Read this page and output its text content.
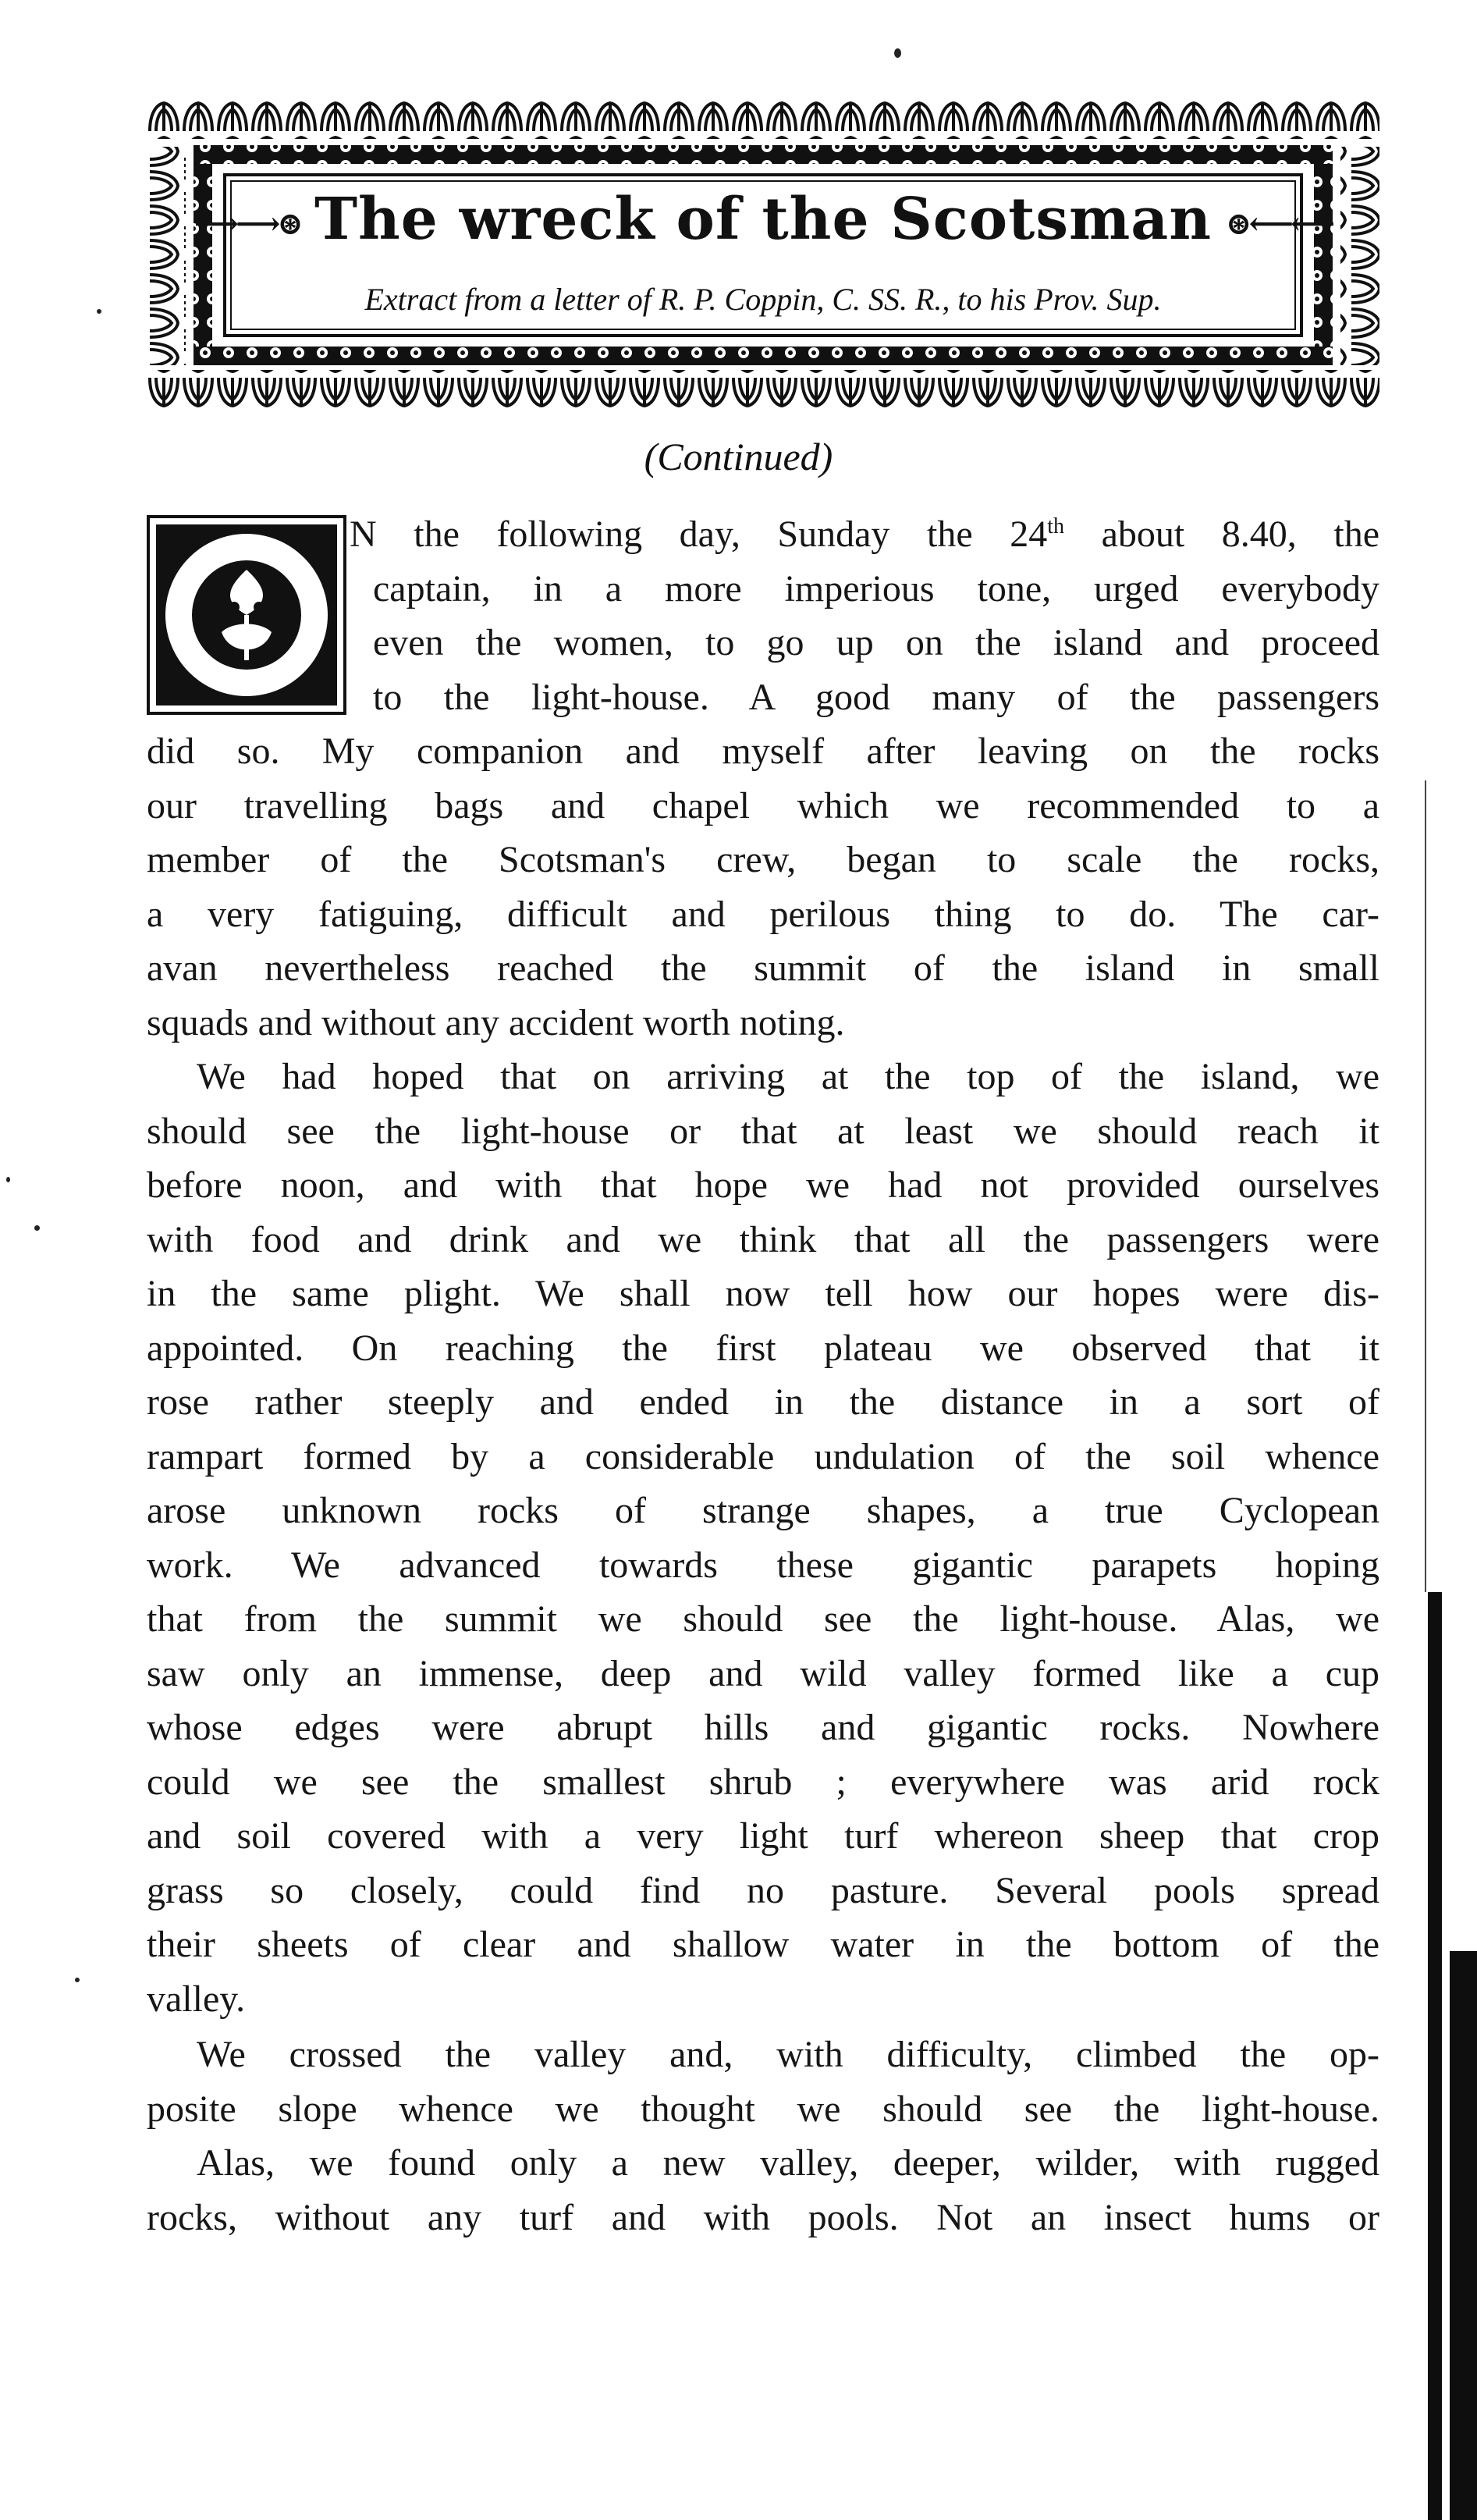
⟶⟶⊛ The wreck of the Scotsman ⊛⟵⟵
Extract from a letter of R. P. Coppin, C. SS. R., to his Prov. Sup.
(Continued)
O
N the following day, Sunday the 24th about 8.40, the
captain, in a more imperious tone, urged everybody
even the women, to go up on the island and proceed
to the light-house. A good many of the passengers
did so. My companion and myself after leaving on the rocks
our travelling bags and chapel which we recommended to a
member of the Scotsman's crew, began to scale the rocks,
a very fatiguing, difficult and perilous thing to do. The car-
avan nevertheless reached the summit of the island in small
squads and without any accident worth noting.
We had hoped that on arriving at the top of the island, we
should see the light-house or that at least we should reach it
before noon, and with that hope we had not provided ourselves
with food and drink and we think that all the passengers were
in the same plight. We shall now tell how our hopes were dis-
appointed. On reaching the first plateau we observed that it
rose rather steeply and ended in the distance in a sort of
rampart formed by a considerable undulation of the soil whence
arose unknown rocks of strange shapes, a true Cyclopean
work. We advanced towards these gigantic parapets hoping
that from the summit we should see the light-house. Alas, we
saw only an immense, deep and wild valley formed like a cup
whose edges were abrupt hills and gigantic rocks. Nowhere
could we see the smallest shrub ; everywhere was arid rock
and soil covered with a very light turf whereon sheep that crop
grass so closely, could find no pasture. Several pools spread
their sheets of clear and shallow water in the bottom of the
valley.
We crossed the valley and, with difficulty, climbed the op-
posite slope whence we thought we should see the light-house.
Alas, we found only a new valley, deeper, wilder, with rugged
rocks, without any turf and with pools. Not an insect hums or
